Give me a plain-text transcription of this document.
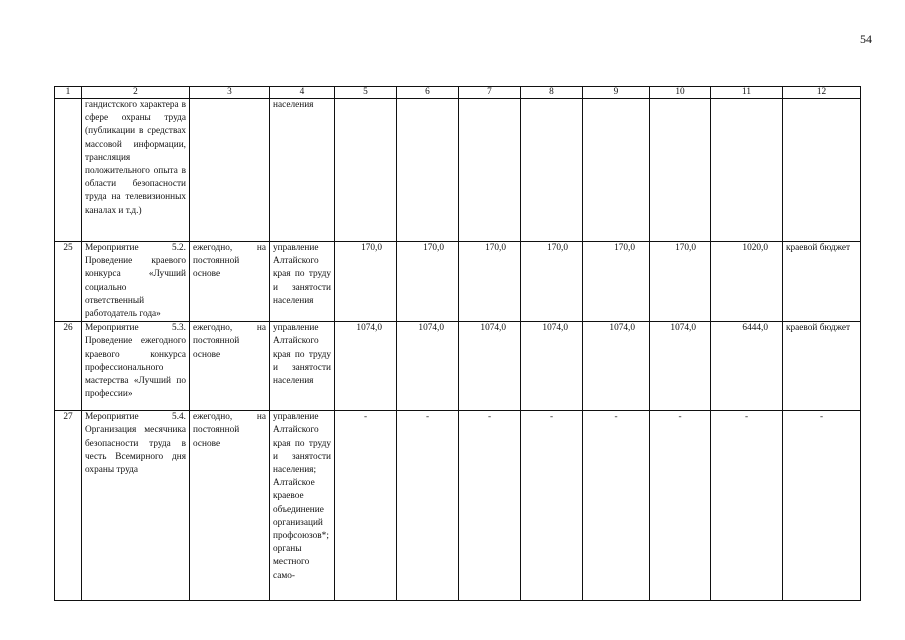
54
1	2	3	4	5	6	7	8	9	10	11	12
	гандистского характера в сфере охраны труда (публикации в средствах массовой информации, трансляция положительного опыта в области безопасности труда на телевизионных каналах и т.д.)		населения								
25	Мероприятие 5.2. Проведение краевого конкурса «Лучший социально ответственный работодатель года»	ежегодно, на постоянной основе	управление Алтайского края по труду и занятости населения	170,0	170,0	170,0	170,0	170,0	170,0	1020,0	краевой бюджет
26	Мероприятие 5.3. Проведение ежегодного краевого конкурса профессионального мастерства «Лучший по профессии»	ежегодно, на постоянной основе	управление Алтайского края по труду и занятости населения	1074,0	1074,0	1074,0	1074,0	1074,0	1074,0	6444,0	краевой бюджет
27	Мероприятие 5.4. Организация месячника безопасности труда в честь Всемирного дня охраны труда	ежегодно, на постоянной основе	управление Алтайского края по труду и занятости населения; Алтайское краевое объединение организаций профсоюзов*; органы местного само-	-	-	-	-	-	-	-	-
